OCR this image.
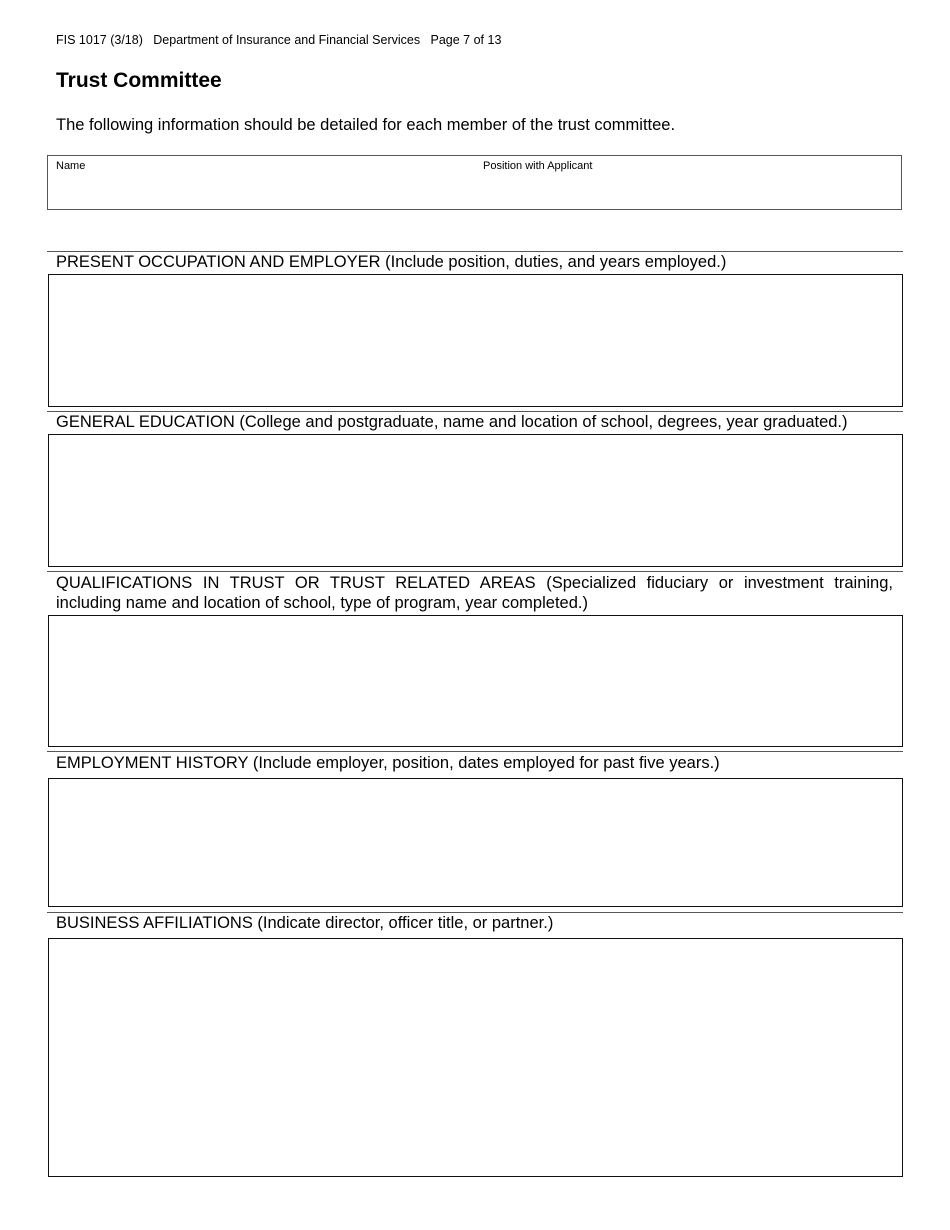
FIS 1017 (3/18) Department of Insurance and Financial Services Page 7 of 13
Trust Committee
The following information should be detailed for each member of the trust committee.
Name	Position with Applicant
PRESENT OCCUPATION AND EMPLOYER (Include position, duties, and years employed.)
GENERAL EDUCATION (College and postgraduate, name and location of school, degrees, year graduated.)
QUALIFICATIONS IN TRUST OR TRUST RELATED AREAS (Specialized fiduciary or investment training,
including name and location of school, type of program, year completed.)
EMPLOYMENT HISTORY (Include employer, position, dates employed for past five years.)
BUSINESS AFFILIATIONS (Indicate director, officer title, or partner.)
